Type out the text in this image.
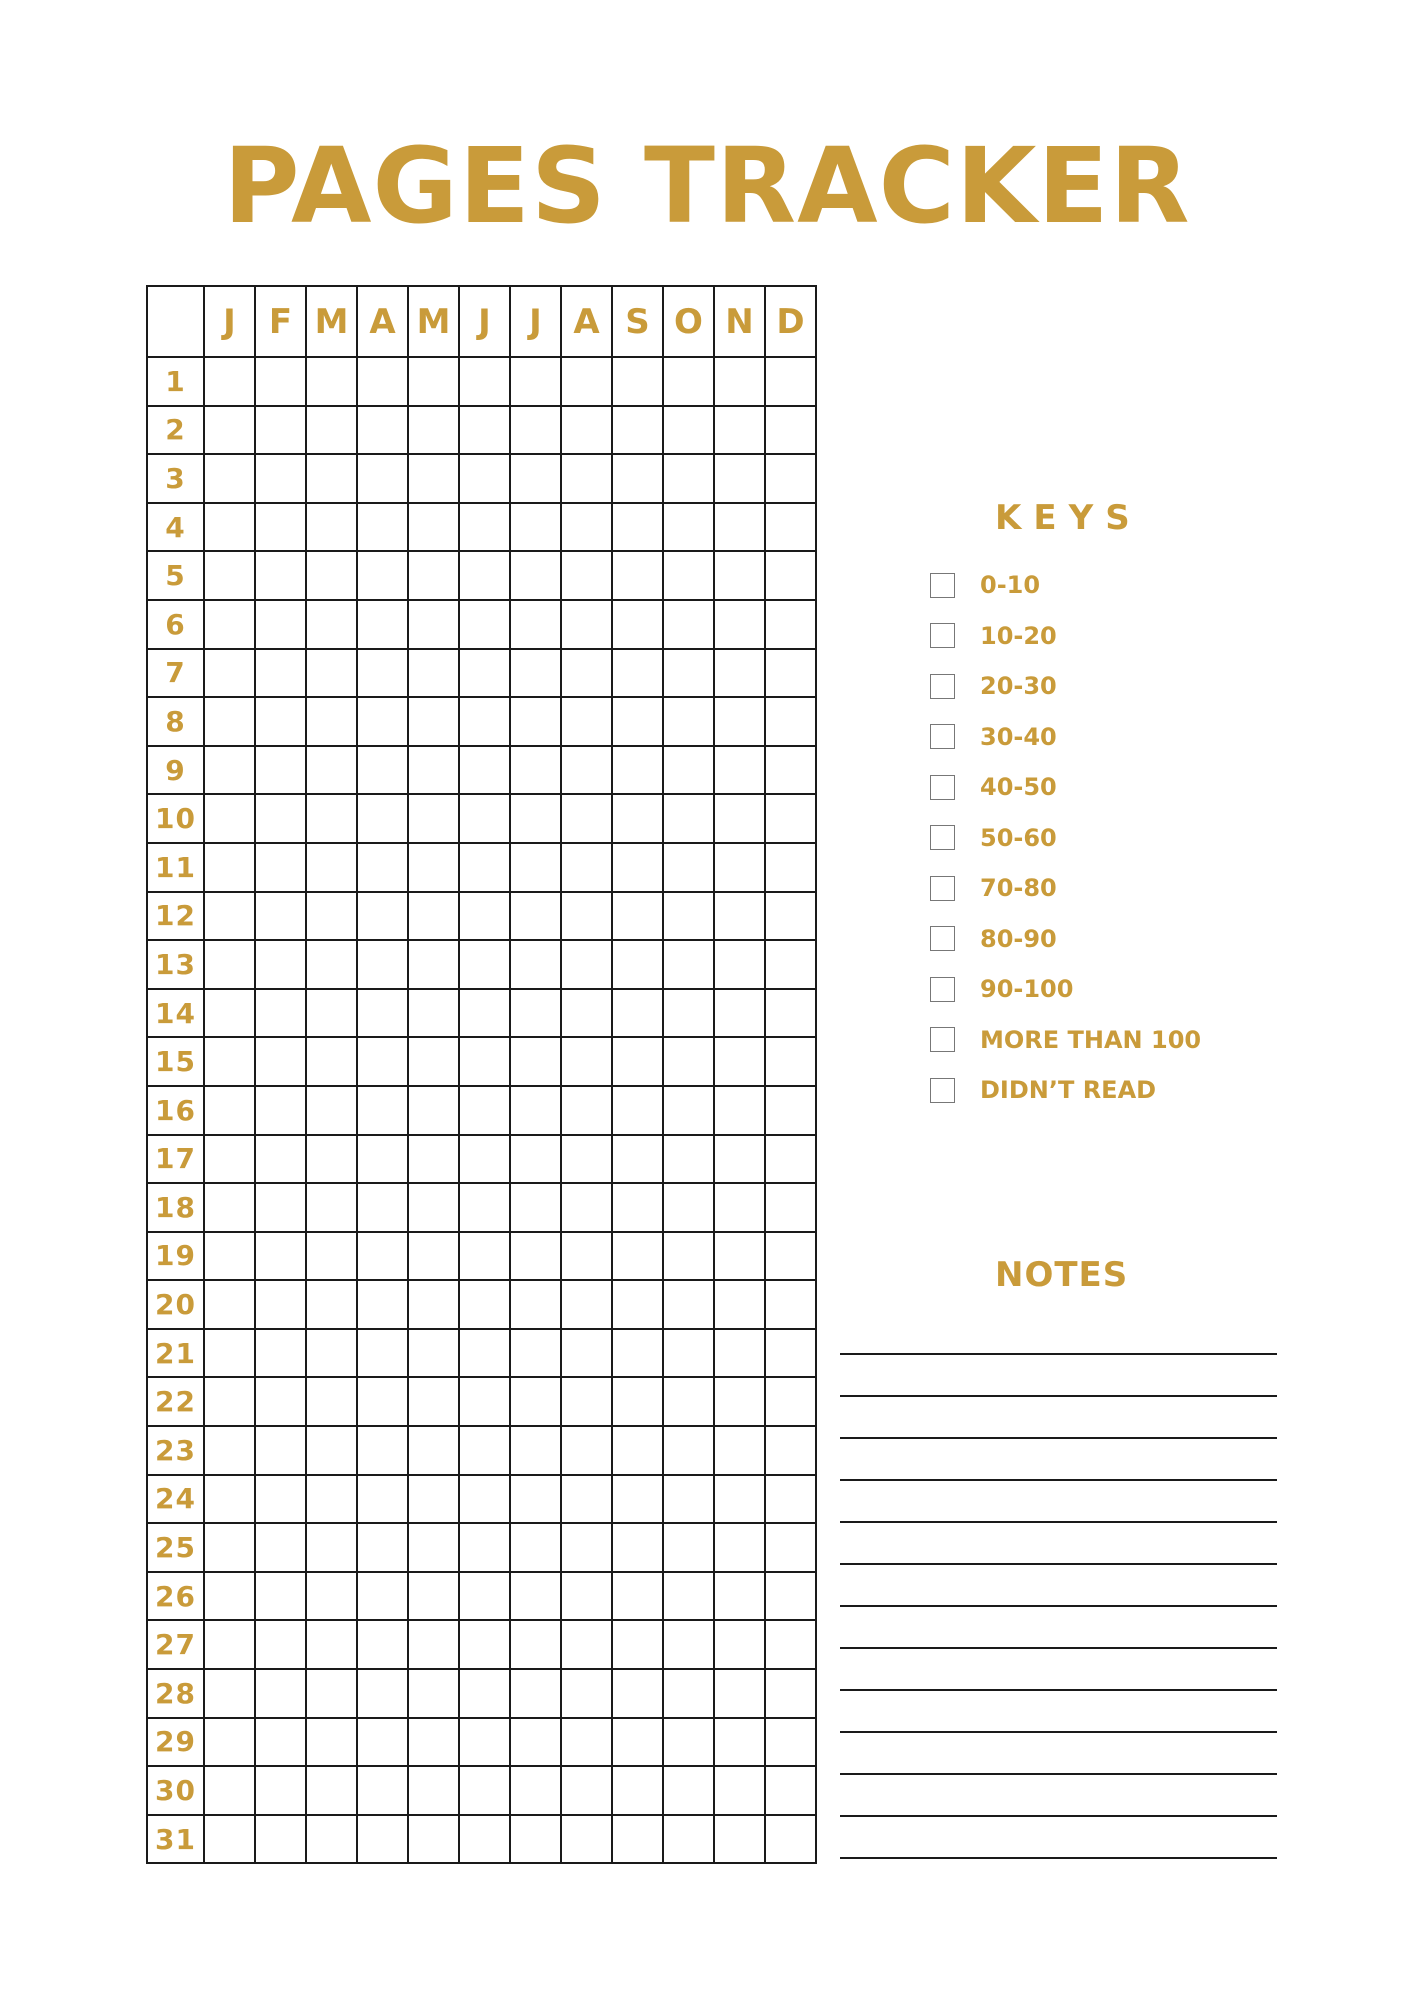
PAGES TRACKER
	J	F	M	A	M	J	J	A	S	O	N	D
1												
2												
3												
4												
5												
6												
7												
8												
9												
10												
11												
12												
13												
14												
15												
16												
17												
18												
19												
20												
21												
22												
23												
24												
25												
26												
27												
28												
29												
30												
31												
KEYS
0-10
10-20
20-30
30-40
40-50
50-60
70-80
80-90
90-100
MORE THAN 100
DIDN’T READ
NOTES
